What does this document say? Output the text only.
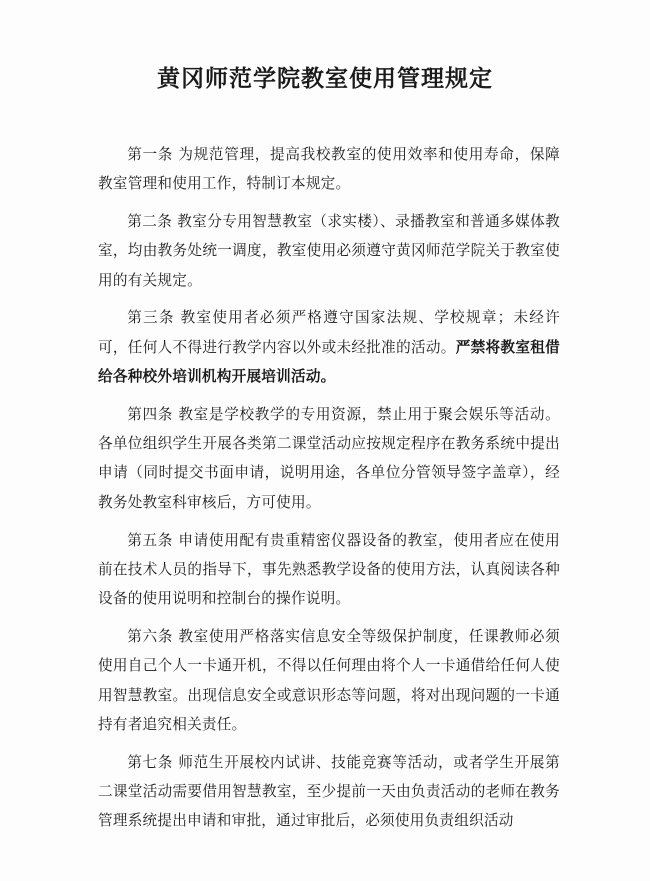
黄冈师范学院教室使用管理规定

第一条 为规范管理，提高我校教室的使用效率和使用寿命，保障教室管理和使用工作，特制订本规定。

第二条 教室分专用智慧教室（求实楼）、录播教室和普通多媒体教室，均由教务处统一调度，教室使用必须遵守黄冈师范学院关于教室使用的有关规定。

第三条 教室使用者必须严格遵守国家法规、学校规章；未经许可，任何人不得进行教学内容以外或未经批准的活动。严禁将教室租借给各种校外培训机构开展培训活动。

第四条 教室是学校教学的专用资源，禁止用于聚会娱乐等活动。各单位组织学生开展各类第二课堂活动应按规定程序在教务系统中提出申请（同时提交书面申请，说明用途，各单位分管领导签字盖章），经教务处教室科审核后，方可使用。

第五条 申请使用配有贵重精密仪器设备的教室，使用者应在使用前在技术人员的指导下，事先熟悉教学设备的使用方法，认真阅读各种设备的使用说明和控制台的操作说明。

第六条 教室使用严格落实信息安全等级保护制度，任课教师必须使用自己个人一卡通开机，不得以任何理由将个人一卡通借给任何人使用智慧教室。出现信息安全或意识形态等问题，将对出现问题的一卡通持有者追究相关责任。

第七条 师范生开展校内试讲、技能竞赛等活动，或者学生开展第二课堂活动需要借用智慧教室，至少提前一天由负责活动的老师在教务管理系统提出申请和审批，通过审批后，必须使用负责组织活动
